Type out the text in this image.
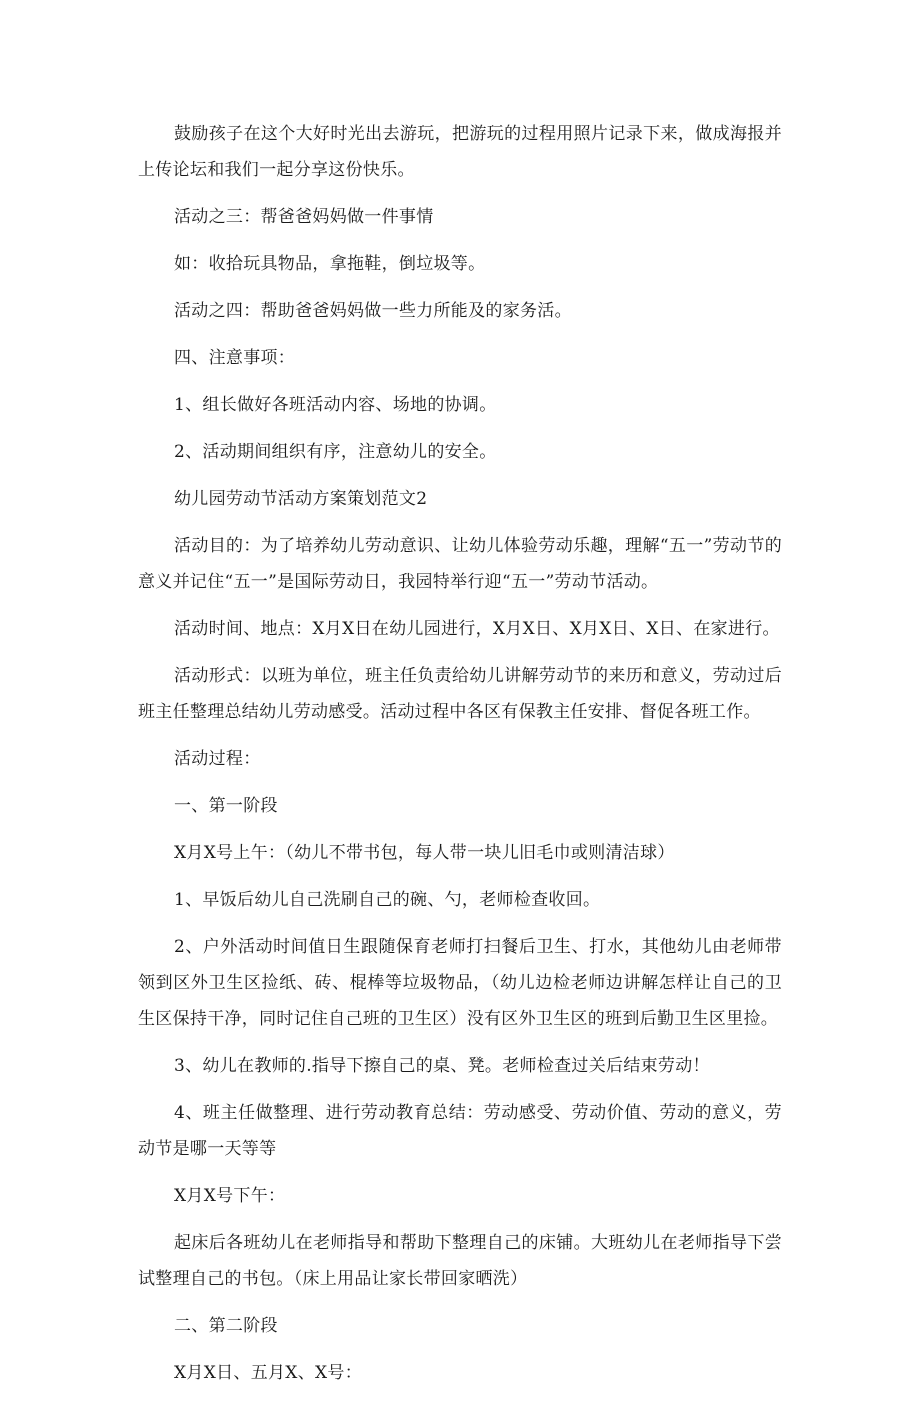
鼓励孩子在这个大好时光出去游玩，把游玩的过程用照片记录下来，做成海报并上传论坛和我们一起分享这份快乐。

活动之三：帮爸爸妈妈做一件事情

如：收拾玩具物品，拿拖鞋，倒垃圾等。

活动之四：帮助爸爸妈妈做一些力所能及的家务活。

四、注意事项：

1、组长做好各班活动内容、场地的协调。

2、活动期间组织有序，注意幼儿的安全。

幼儿园劳动节活动方案策划范文2

活动目的：为了培养幼儿劳动意识、让幼儿体验劳动乐趣，理解“五一”劳动节的意义并记住“五一”是国际劳动日，我园特举行迎“五一”劳动节活动。

活动时间、地点：X月X日在幼儿园进行，X月X日、X月X日、X日、在家进行。

活动形式：以班为单位，班主任负责给幼儿讲解劳动节的来历和意义，劳动过后班主任整理总结幼儿劳动感受。活动过程中各区有保教主任安排、督促各班工作。

活动过程：

一、第一阶段

X月X号上午：（幼儿不带书包，每人带一块儿旧毛巾或则清洁球）

1、早饭后幼儿自己洗刷自己的碗、勺，老师检查收回。

2、户外活动时间值日生跟随保育老师打扫餐后卫生、打水，其他幼儿由老师带领到区外卫生区捡纸、砖、棍棒等垃圾物品，（幼儿边检老师边讲解怎样让自己的卫生区保持干净，同时记住自己班的卫生区）没有区外卫生区的班到后勤卫生区里捡。

3、幼儿在教师的.指导下擦自己的桌、凳。老师检查过关后结束劳动！

4、班主任做整理、进行劳动教育总结：劳动感受、劳动价值、劳动的意义，劳动节是哪一天等等

X月X号下午：

起床后各班幼儿在老师指导和帮助下整理自己的床铺。大班幼儿在老师指导下尝试整理自己的书包。（床上用品让家长带回家晒洗）

二、第二阶段

X月X日、五月X、X号：
